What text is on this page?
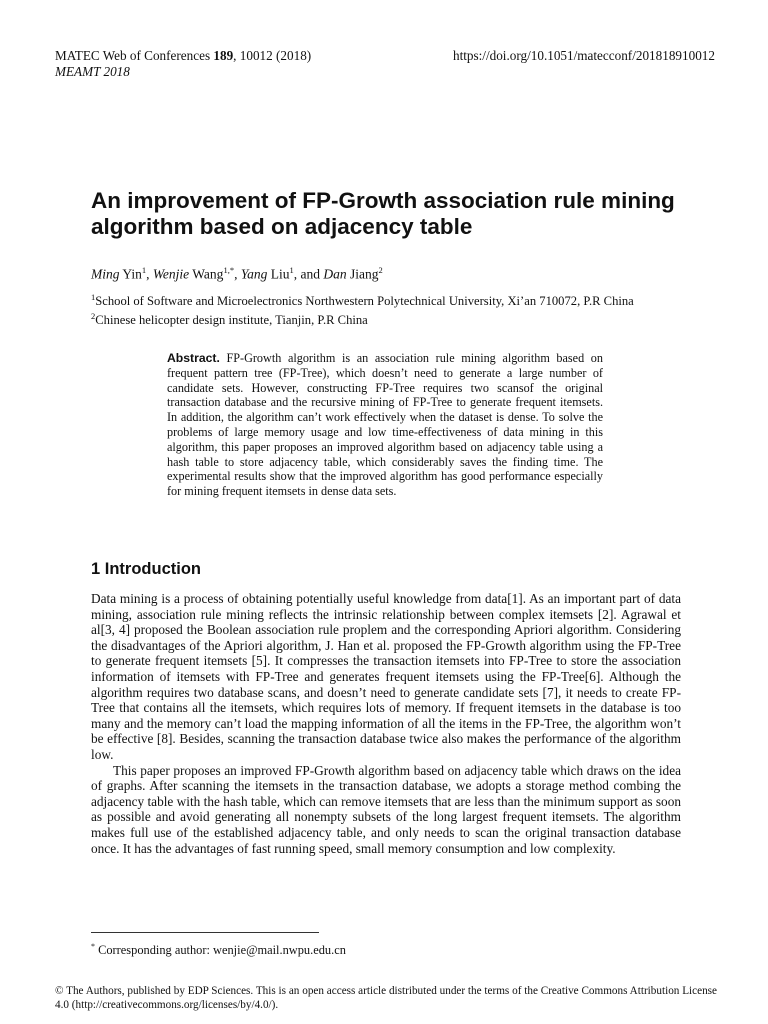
MATEC Web of Conferences 189, 10012 (2018)
MEAMT 2018
https://doi.org/10.1051/matecconf/201818910012
An improvement of FP-Growth association rule mining algorithm based on adjacency table
Ming Yin$^1$, Wenjie Wang$^{1,*}$, Yang Liu$^1$, and Dan Jiang$^2$
$^1$School of Software and Microelectronics Northwestern Polytechnical University, Xi’an 710072, P.R China
$^2$Chinese helicopter design institute, Tianjin, P.R China
Abstract. FP-Growth algorithm is an association rule mining algorithm based on frequent pattern tree (FP-Tree), which doesn’t need to generate a large number of candidate sets. However, constructing FP-Tree requires two scansof the original transaction database and the recursive mining of FP-Tree to generate frequent itemsets. In addition, the algorithm can’t work effectively when the dataset is dense. To solve the problems of large memory usage and low time-effectiveness of data mining in this algorithm, this paper proposes an improved algorithm based on adjacency table using a hash table to store adjacency table, which considerably saves the finding time. The experimental results show that the improved algorithm has good performance especially for mining frequent itemsets in dense data sets.
1 Introduction

Data mining is a process of obtaining potentially useful knowledge from data[1]. As an important part of data mining, association rule mining reflects the intrinsic relationship between complex itemsets [2]. Agrawal et al[3, 4] proposed the Boolean association rule proplem and the corresponding Apriori algorithm. Considering the disadvantages of the Apriori algorithm, J. Han et al. proposed the FP-Growth algorithm using the FP-Tree to generate frequent itemsets [5]. It compresses the transaction itemsets into FP-Tree to store the association information of itemsets with FP-Tree and generates frequent itemsets using the FP-Tree[6]. Although the algorithm requires two database scans, and doesn’t need to generate candidate sets [7], it needs to create FP-Tree that contains all the itemsets, which requires lots of memory. If frequent itemsets in the database is too many and the memory can’t load the mapping information of all the items in the FP-Tree, the algorithm won’t be effective [8]. Besides, scanning the transaction database twice also makes the performance of the algorithm low.

This paper proposes an improved FP-Growth algorithm based on adjacency table which draws on the idea of graphs. After scanning the itemsets in the transaction database, we adopts a storage method combing the adjacency table with the hash table, which can remove itemsets that are less than the minimum support as soon as possible and avoid generating all nonempty subsets of the long largest frequent itemsets. The algorithm makes full use of the established adjacency table, and only needs to scan the original transaction database once. It has the advantages of fast running speed, small memory consumption and low complexity.

* Corresponding author: wenjie@mail.nwpu.edu.cn
© The Authors, published by EDP Sciences. This is an open access article distributed under the terms of the Creative Commons Attribution License 4.0 (http://creativecommons.org/licenses/by/4.0/).
